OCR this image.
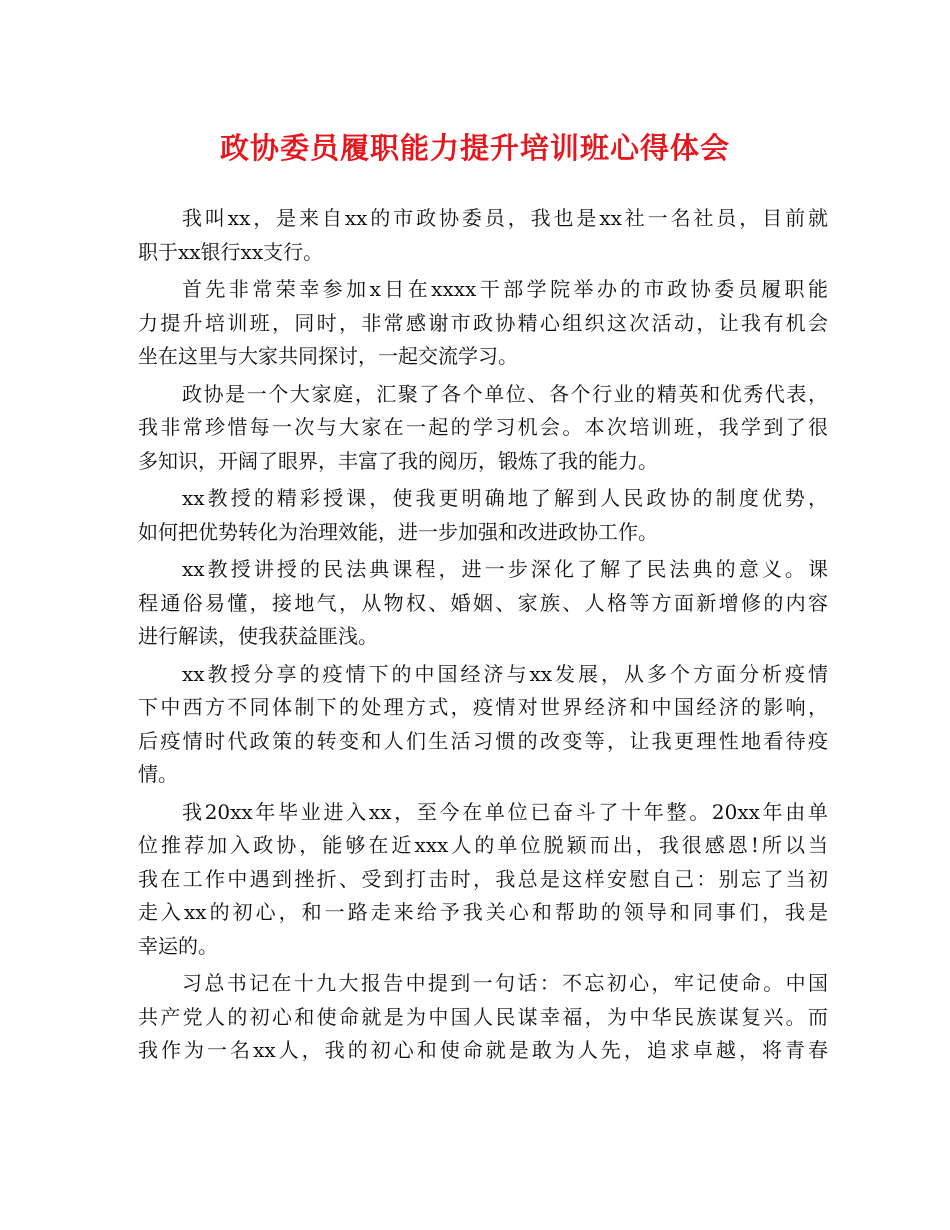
政协委员履职能力提升培训班心得体会
我叫xx，是来自xx的市政协委员，我也是xx社一名社员，目前就
职于xx银行xx支行。
首先非常荣幸参加x日在xxxx干部学院举办的市政协委员履职能
力提升培训班，同时，非常感谢市政协精心组织这次活动，让我有机会
坐在这里与大家共同探讨，一起交流学习。
政协是一个大家庭，汇聚了各个单位、各个行业的精英和优秀代表，
我非常珍惜每一次与大家在一起的学习机会。本次培训班，我学到了很
多知识，开阔了眼界，丰富了我的阅历，锻炼了我的能力。
xx教授的精彩授课，使我更明确地了解到人民政协的制度优势，
如何把优势转化为治理效能，进一步加强和改进政协工作。
xx教授讲授的民法典课程，进一步深化了解了民法典的意义。课
程通俗易懂，接地气，从物权、婚姻、家族、人格等方面新增修的内容
进行解读，使我获益匪浅。
xx教授分享的疫情下的中国经济与xx发展，从多个方面分析疫情
下中西方不同体制下的处理方式，疫情对世界经济和中国经济的影响，
后疫情时代政策的转变和人们生活习惯的改变等，让我更理性地看待疫
情。
我20xx年毕业进入xx，至今在单位已奋斗了十年整。20xx年由单
位推荐加入政协，能够在近xxx人的单位脱颖而出，我很感恩!所以当
我在工作中遇到挫折、受到打击时，我总是这样安慰自己：别忘了当初
走入xx的初心，和一路走来给予我关心和帮助的领导和同事们，我是
幸运的。
习总书记在十九大报告中提到一句话：不忘初心，牢记使命。中国
共产党人的初心和使命就是为中国人民谋幸福，为中华民族谋复兴。而
我作为一名xx人，我的初心和使命就是敢为人先，追求卓越，将青春
